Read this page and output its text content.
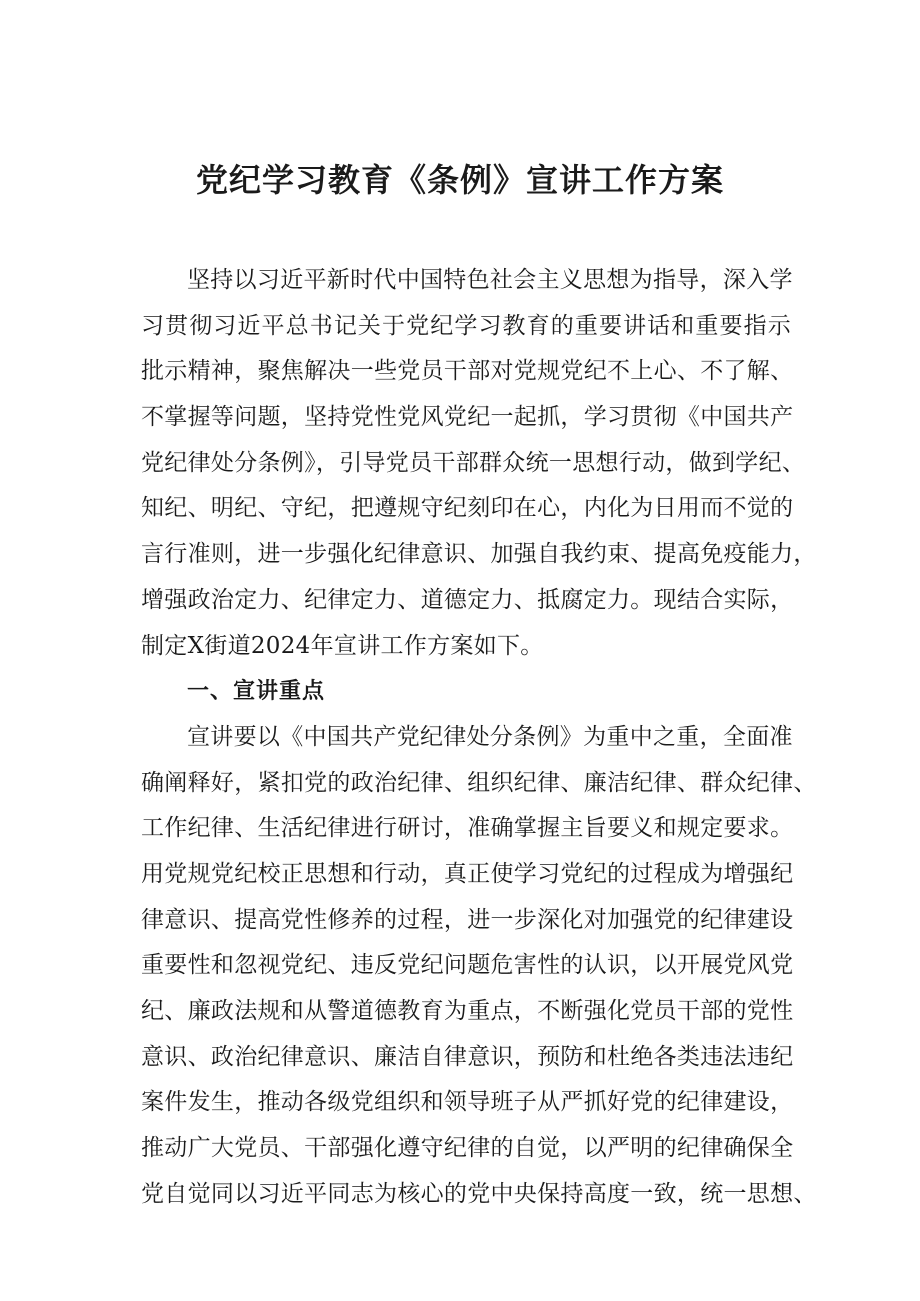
党纪学习教育《条例》宣讲工作方案
坚持以习近平新时代中国特色社会主义思想为指导，深入学
习贯彻习近平总书记关于党纪学习教育的重要讲话和重要指示
批示精神，聚焦解决一些党员干部对党规党纪不上心、不了解、
不掌握等问题，坚持党性党风党纪一起抓，学习贯彻《中国共产
党纪律处分条例》，引导党员干部群众统一思想行动，做到学纪、
知纪、明纪、守纪，把遵规守纪刻印在心，内化为日用而不觉的
言行准则，进一步强化纪律意识、加强自我约束、提高免疫能力，
增强政治定力、纪律定力、道德定力、抵腐定力。现结合实际，
制定X街道2024年宣讲工作方案如下。
一、宣讲重点
宣讲要以《中国共产党纪律处分条例》为重中之重，全面准
确阐释好，紧扣党的政治纪律、组织纪律、廉洁纪律、群众纪律、
工作纪律、生活纪律进行研讨，准确掌握主旨要义和规定要求。
用党规党纪校正思想和行动，真正使学习党纪的过程成为增强纪
律意识、提高党性修养的过程，进一步深化对加强党的纪律建设
重要性和忽视党纪、违反党纪问题危害性的认识，以开展党风党
纪、廉政法规和从警道德教育为重点，不断强化党员干部的党性
意识、政治纪律意识、廉洁自律意识，预防和杜绝各类违法违纪
案件发生，推动各级党组织和领导班子从严抓好党的纪律建设，
推动广大党员、干部强化遵守纪律的自觉，以严明的纪律确保全
党自觉同以习近平同志为核心的党中央保持高度一致，统一思想、
